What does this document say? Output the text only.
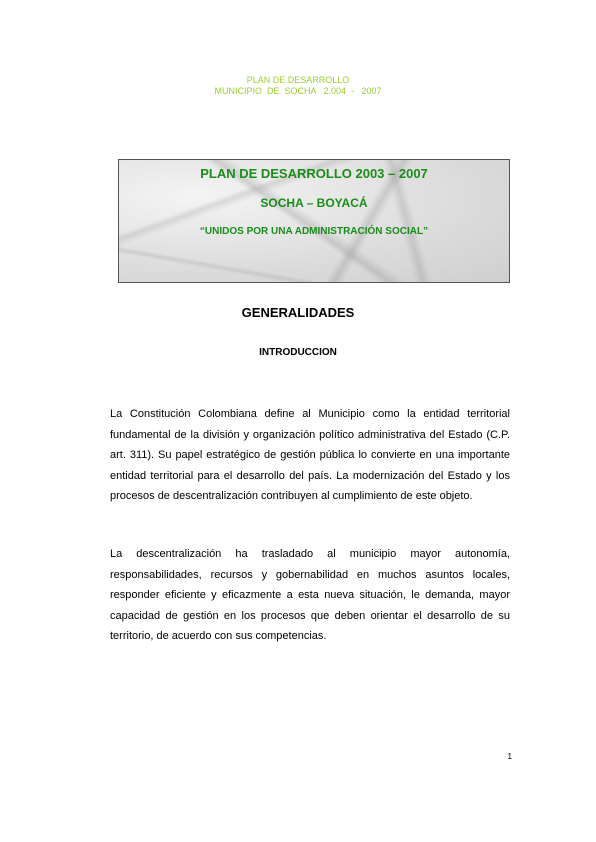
PLAN DE DESARROLLO
MUNICIPIO  DE  SOCHA   2.004  -   2007
PLAN DE DESARROLLO 2003 – 2007
SOCHA – BOYACÁ
“UNIDOS POR UNA ADMINISTRACIÓN SOCIAL”
GENERALIDADES
INTRODUCCION

La Constitución Colombiana define al Municipio como la entidad territorial fundamental de la división y organización político administrativa del Estado (C.P. art. 311). Su papel estratégico de gestión pública lo convierte en una importante entidad territorial para el desarrollo del país. La modernización del Estado y los procesos de descentralización contribuyen al cumplimiento de este objeto.

La descentralización ha trasladado al municipio mayor autonomía, responsabilidades, recursos y gobernabilidad en muchos asuntos locales, responder eficiente y eficazmente a esta nueva situación, le demanda, mayor capacidad de gestión en los procesos que deben orientar el desarrollo de su territorio, de acuerdo con sus competencias.

1
